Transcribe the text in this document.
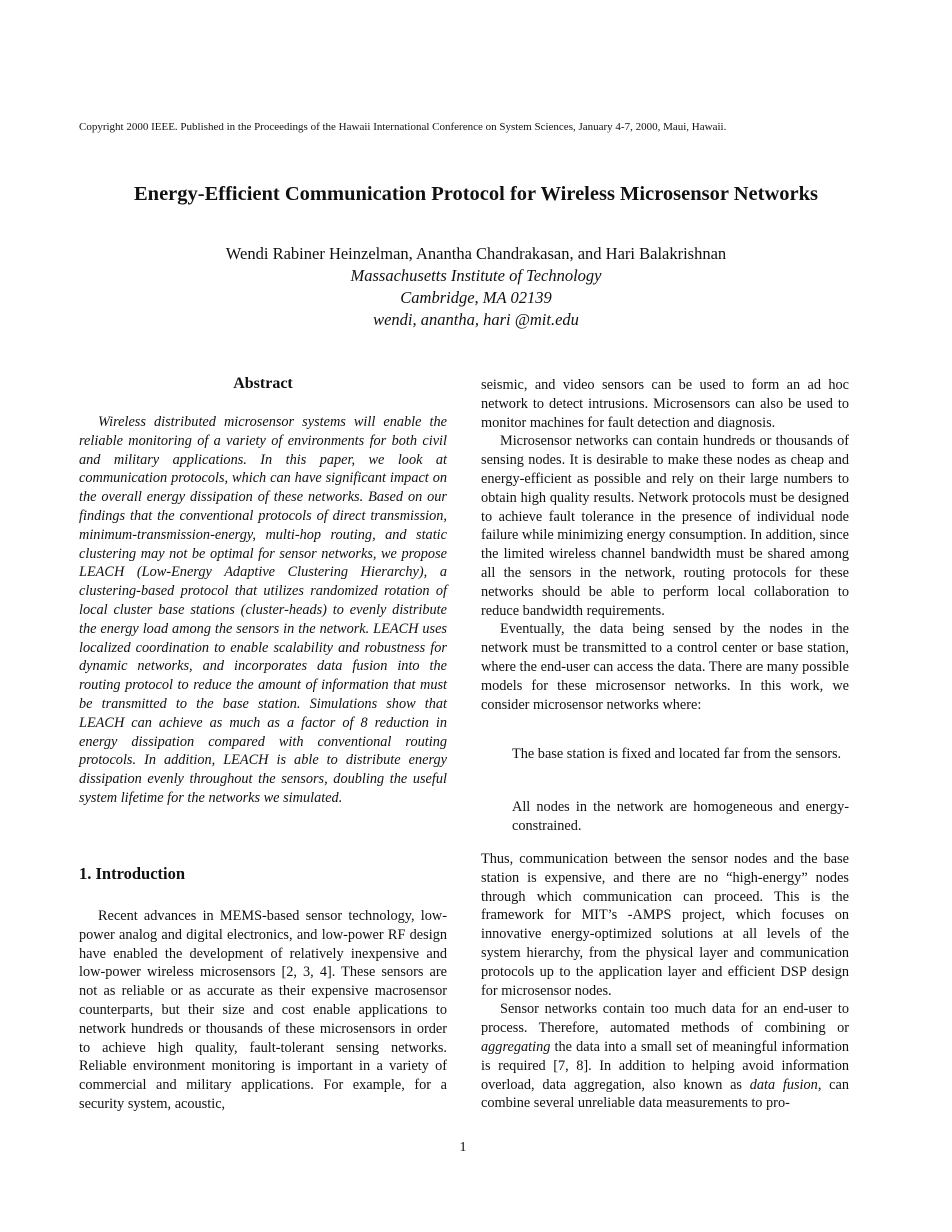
Copyright 2000 IEEE. Published in the Proceedings of the Hawaii International Conference on System Sciences, January 4-7, 2000, Maui, Hawaii.
Energy-Efficient Communication Protocol for Wireless Microsensor Networks
Wendi Rabiner Heinzelman, Anantha Chandrakasan, and Hari Balakrishnan
Massachusetts Institute of Technology
Cambridge, MA 02139
wendi, anantha, hari @mit.edu
Abstract

Wireless distributed microsensor systems will enable the reliable monitoring of a variety of environments for both civil and military applications. In this paper, we look at communication protocols, which can have significant impact on the overall energy dissipation of these networks. Based on our findings that the conventional protocols of direct transmission, minimum-transmission-energy, multi-hop routing, and static clustering may not be optimal for sensor networks, we propose LEACH (Low-Energy Adaptive Clustering Hierarchy), a clustering-based protocol that utilizes randomized rotation of local cluster base stations (cluster-heads) to evenly distribute the energy load among the sensors in the network. LEACH uses localized coordination to enable scalability and robustness for dynamic networks, and incorporates data fusion into the routing protocol to reduce the amount of information that must be transmitted to the base station. Simulations show that LEACH can achieve as much as a factor of 8 reduction in energy dissipation compared with conventional routing protocols. In addition, LEACH is able to distribute energy dissipation evenly throughout the sensors, doubling the useful system lifetime for the networks we simulated.

1. Introduction

Recent advances in MEMS-based sensor technology, low-power analog and digital electronics, and low-power RF design have enabled the development of relatively inexpensive and low-power wireless microsensors [2, 3, 4]. These sensors are not as reliable or as accurate as their expensive macrosensor counterparts, but their size and cost enable applications to network hundreds or thousands of these microsensors in order to achieve high quality, fault-tolerant sensing networks. Reliable environment monitoring is important in a variety of commercial and military applications. For example, for a security system, acoustic,

seismic, and video sensors can be used to form an ad hoc network to detect intrusions. Microsensors can also be used to monitor machines for fault detection and diagnosis.

Microsensor networks can contain hundreds or thousands of sensing nodes. It is desirable to make these nodes as cheap and energy-efficient as possible and rely on their large numbers to obtain high quality results. Network protocols must be designed to achieve fault tolerance in the presence of individual node failure while minimizing energy consumption. In addition, since the limited wireless channel bandwidth must be shared among all the sensors in the network, routing protocols for these networks should be able to perform local collaboration to reduce bandwidth requirements.

Eventually, the data being sensed by the nodes in the network must be transmitted to a control center or base station, where the end-user can access the data. There are many possible models for these microsensor networks. In this work, we consider microsensor networks where:

The base station is fixed and located far from the sensors.

All nodes in the network are homogeneous and energy-constrained.

Thus, communication between the sensor nodes and the base station is expensive, and there are no “high-energy” nodes through which communication can proceed. This is the framework for MIT’s -AMPS project, which focuses on innovative energy-optimized solutions at all levels of the system hierarchy, from the physical layer and communication protocols up to the application layer and efficient DSP design for microsensor nodes.

Sensor networks contain too much data for an end-user to process. Therefore, automated methods of combining or aggregating the data into a small set of meaningful information is required [7, 8]. In addition to helping avoid information overload, data aggregation, also known as data fusion, can combine several unreliable data measurements to pro-

1
